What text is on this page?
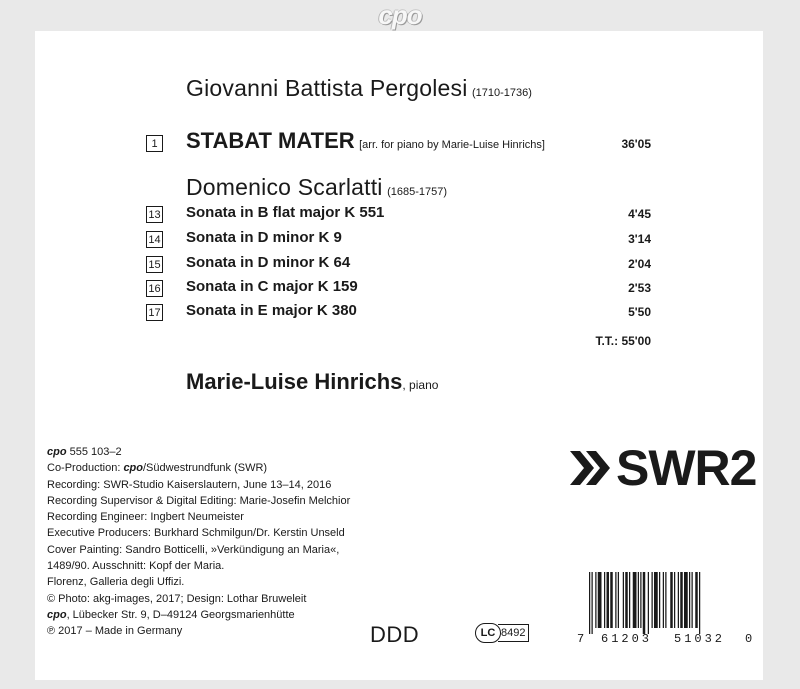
cpo
Giovanni Battista Pergolesi (1710-1736)
1 STABAT MATER [arr. for piano by Marie-Luise Hinrichs]	36'05
Domenico Scarlatti (1685-1757)
13 Sonata in B flat major K 551	4'45
14 Sonata in D minor K 9	3'14
15 Sonata in D minor K 64	2'04
16 Sonata in C major K 159	2'53
17 Sonata in E major K 380	5'50
T.T.: 55'00
Marie-Luise Hinrichs, piano
cpo 555 103–2
Co-Production: cpo/Südwestrundfunk (SWR)
Recording: SWR-Studio Kaiserslautern, June 13–14, 2016
Recording Supervisor & Digital Editing: Marie-Josefin Melchior
Recording Engineer: Ingbert Neumeister
Executive Producers: Burkhard Schmilgun/Dr. Kerstin Unseld
Cover Painting: Sandro Botticelli, »Verkündigung an Maria«,
1489/90. Ausschnitt: Kopf der Maria.
Florenz, Galleria degli Uffizi.
© Photo: akg-images, 2017; Design: Lothar Bruweleit
cpo, Lübecker Str. 9, D–49124 Georgsmarienhütte
℗ 2017 – Made in Germany
SWR2
DDD	LC 8492	7 61203 51032 0
